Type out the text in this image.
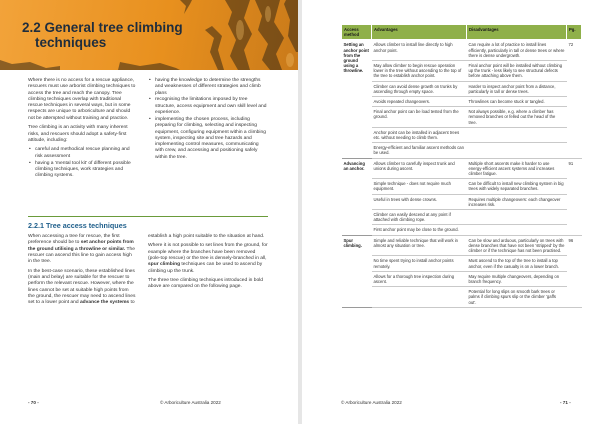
2.2 General tree climbing
techniques

Where there is no access for a rescue appliance, rescuers must use arborist climbing techniques to access the tree and reach the canopy. Tree climbing techniques overlap with traditional rescue techniques in several ways, but in some respects are unique to arboriculture and should not be attempted without training and practice.

Tree climbing is an activity with many inherent risks, and rescuers should adopt a safety-first attitude, including:

• careful and methodical rescue planning and risk assessment
• having a ‘mental tool kit’ of different possible climbing techniques, work strategies and climbing systems.
• having the knowledge to determine the strengths and weaknesses of different strategies and climb plans
• recognising the limitations imposed by tree structure, access equipment and own skill level and experience.
• implementing the chosen process, including preparing for climbing, selecting and inspecting equipment, configuring equipment within a climbing system, inspecting site and tree hazards and implementing control measures, communicating with crew, and accessing and positioning safely within the tree.
2.2.1 Tree access techniques

When accessing a tree for rescue, the first preference should be to set anchor points from the ground utilising a throwline or similar. The rescuer can ascend this line to gain access high in the tree.

In the best-case scenario, these established lines (main and belay) are suitable for the rescuer to perform the relevant rescue. However, where the lines cannot be set at suitable high points from the ground, the rescuer may need to ascend lines set to a lower point and advance the systems to

establish a high point suitable to the situation at hand.

Where it is not possible to set lines from the ground, for example where the branches have been removed (pole-top rescue) or the tree is densely-branched in all, spur climbing techniques can be used to ascend by climbing up the trunk.

The three tree climbing techniques introduced in bold above are compared on the following page.

- 70 -	© Arboriculture Australia 2022
Access method	Advantages	Disadvantages	Pg.
Setting an anchor point from the ground using a throwline.	Allows climber to install line directly to high anchor point.	Can require a lot of practice to install lines efficiently, particularly in tall or dense trees or where there is dense undergrowth.	72
	May allow climber to begin rescue operation lower in the tree without ascending to the top of the tree to establish anchor point.	Final anchor point will be installed without climbing up the trunk - less likely to see structural defects before attaching above them.	
	Climber can avoid dense growth on trunks by ascending through empty space.	Harder to inspect anchor point from a distance, particularly in tall or dense trees.	
	Avoids repeated changeovers.	Throwlines can become stuck or tangled.	
	Final anchor point can be load tested from the ground.	Not always possible, e.g. where a climber has removed branches or felled out the head of the tree.	
	Anchor point can be installed in adjacent trees etc. without needing to climb them.		
	Energy-efficient and familiar ascent methods can be used.		
Advancing an anchor.	Allows climber to carefully inspect trunk and unions during ascent.	Multiple short ascents make it harder to use energy-efficient ascent systems and increases climber fatigue.	91
	Simple technique - does not require much equipment.	Can be difficult to install new climbing system in big trees with widely separated branches.	
	Useful in trees with dense crowns.	Requires multiple changeovers: each changeover increases risk.	
	Climber can easily descend at any point if attached with climbing rope.		
	First anchor point may be close to the ground.		
Spur climbing.	Simple and reliable technique that will work in almost any situation or tree.	Can be slow and arduous, particularly on trees with dense branches that have not been ‘stripped’ by the climber or if the technique has not been practised.	96
	No time spent trying to install anchor points remotely.	Must ascend to the top of the tree to install a top anchor, even if the casualty is on a lower branch.	
	Allows for a thorough tree inspection during ascent.	May require multiple changeovers, depending on branch frequency.	
		Potential for long slips on smooth bark trees or palms if climbing spurs slip or the climber ‘gaffs out’.	
© Arboriculture Australia 2022	- 71 -
